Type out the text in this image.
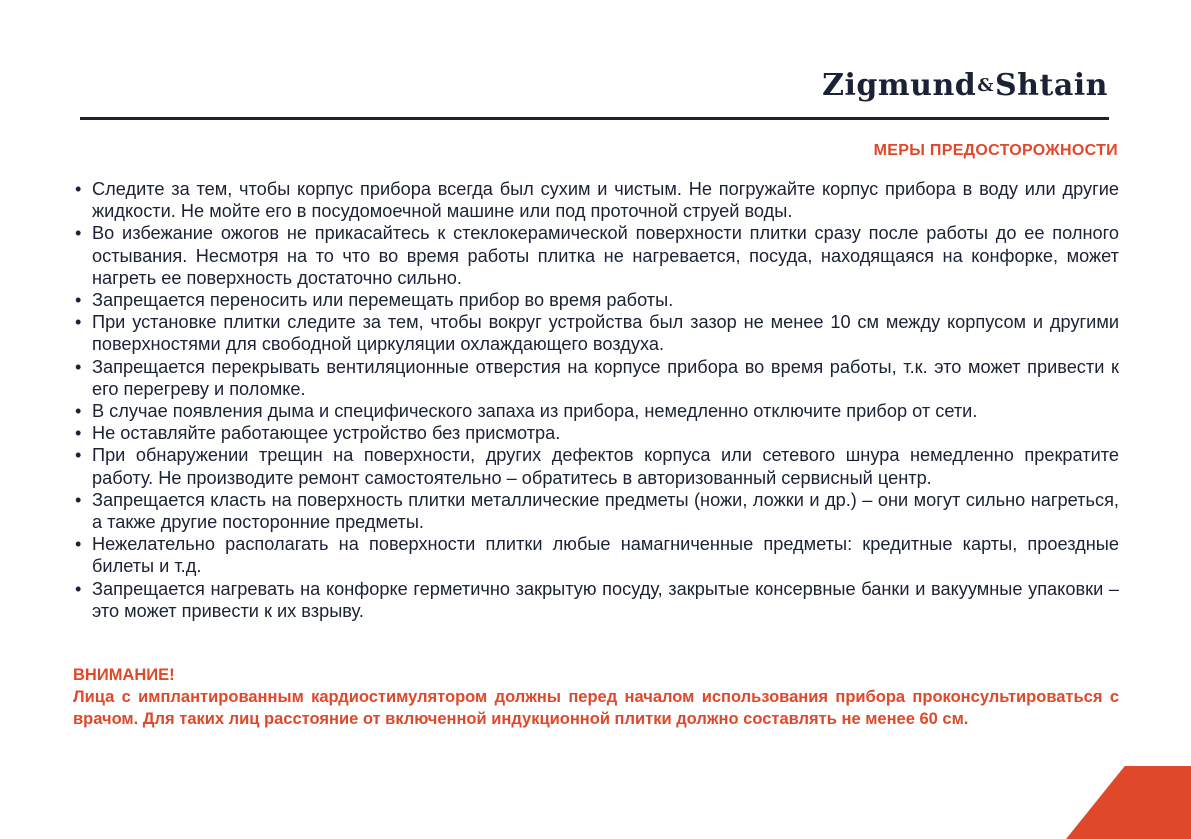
Zigmund&Shtain
МЕРЫ ПРЕДОСТОРОЖНОСТИ
• Следите за тем, чтобы корпус прибора всегда был сухим и чистым. Не погружайте корпус прибора в воду или другие жидкости. Не мойте его в посудомоечной машине или под проточной струей воды.
• Во избежание ожогов не прикасайтесь к стеклокерамической поверхности плитки сразу после работы до ее полного остывания. Несмотря на то что во время работы плитка не нагревается, посуда, находящаяся на конфорке, может нагреть ее поверхность достаточно сильно.
• Запрещается переносить или перемещать прибор во время работы.
• При установке плитки следите за тем, чтобы вокруг устройства был зазор не менее 10 см между корпусом и другими поверхностями для свободной циркуляции охлаждающего воздуха.
• Запрещается перекрывать вентиляционные отверстия на корпусе прибора во время работы, т.к. это может привести к его перегреву и поломке.
• В случае появления дыма и специфического запаха из прибора, немедленно отключите прибор от сети.
• Не оставляйте работающее устройство без присмотра.
• При обнаружении трещин на поверхности, других дефектов корпуса или сетевого шнура немедленно прекратите работу. Не производите ремонт самостоятельно – обратитесь в авторизованный сервисный центр.
• Запрещается класть на поверхность плитки металлические предметы (ножи, ложки и др.) – они могут сильно нагреться, а также другие посторонние предметы.
• Нежелательно располагать на поверхности плитки любые намагниченные предметы: кредитные карты, проездные билеты и т.д.
• Запрещается нагревать на конфорке герметично закрытую посуду, закрытые консервные банки и вакуумные упаковки – это может привести к их взрыву.
ВНИМАНИЕ!
Лица с имплантированным кардиостимулятором должны перед началом использования прибора проконсультироваться с врачом. Для таких лиц расстояние от включенной индукционной плитки должно составлять не менее 60 см.
